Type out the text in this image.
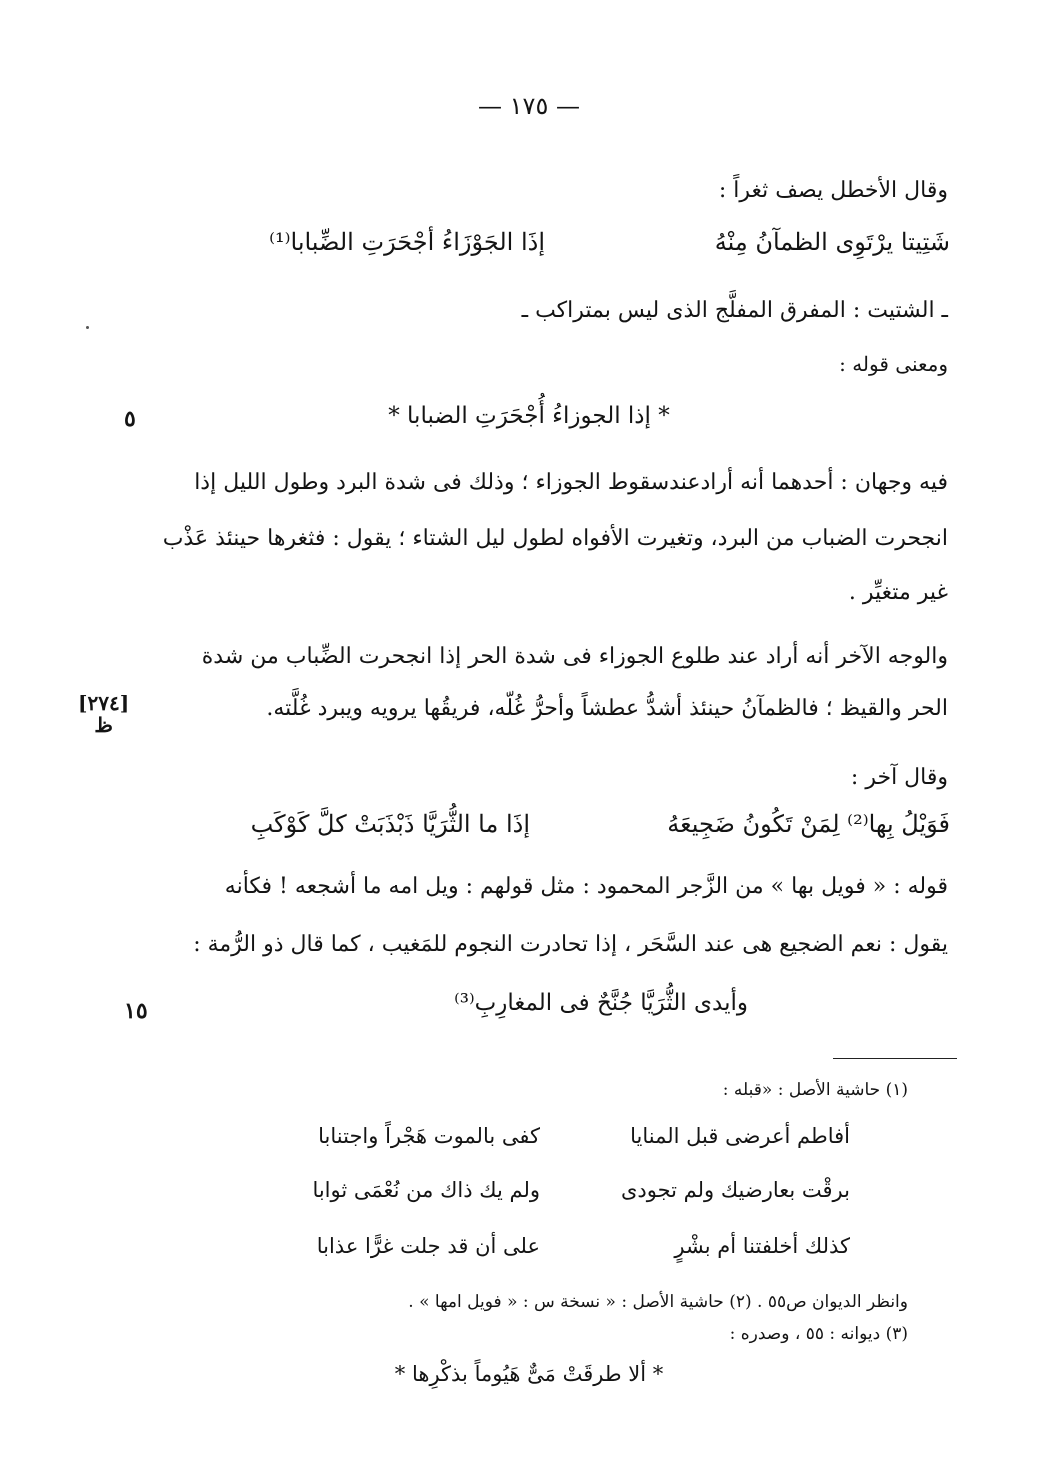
— ١٧٥ —
وقال الأخطل يصف ثغراً :
شَتِيتا يرْتَوِى الظمآنُ مِنْهُ
إذَا الجَوْزَاءُ أجْحَرَتِ الضِّبابا⁽¹⁾
ـ الشتيت : المفرق المفلَّج الذى ليس بمتراكب ـ
ومعنى قوله :
* إذا الجوزاءُ أُجْحَرَتِ الضبابا *
٥
فيه وجهان : أحدهما أنه أرادعندسقوط الجوزاء ؛ وذلك فى شدة البرد وطول الليل إذا
انجحرت الضباب من البرد، وتغيرت الأفواه لطول ليل الشتاء ؛ يقول : فثغرها حينئذ عَذْب
غير متغيِّر .
والوجه الآخر أنه أراد عند طلوع الجوزاء فى شدة الحر إذا انجحرت الضِّباب من شدة
الحر والقيظ ؛ فالظمآنُ حينئذ أشدُّ عطشاً وأحرُّ غُلّه، فريقُها يرويه ويبرد غُلَّته.
[٢٧٤]
ظ
وقال آخر :
فَوَيْلُ بِها⁽²⁾ لِمَنْ تَكُونُ ضَجِيعَهُ
إذَا ما الثُّرَيَّا ذَبْذَبَتْ كلَّ كَوْكَبِ
قوله : « فويل بها » من الزَّجر المحمود : مثل قولهم : ويل امه ما أشجعه ! فكأنه
يقول : نعم الضجيع هى عند السَّحَر ، إذا تحادرت النجوم للمَغيب ، كما قال ذو الرُّمة :
وأيدى الثُّرَيَّا جُنَّحٌ فى المغارِبِ⁽³⁾
١٥
(١) حاشية الأصل : «قبله :
أفاطم أعرضى قبل المنايا
كفى بالموت هَجْراً واجتنابا
برقْت بعارضيك ولم تجودى
ولم يك ذاك من نُعْمَى ثوابا
كذلك أخلفتنا أم بشْرٍ
على أن قد جلت غرًّا عذابا
وانظر الديوان ص٥٥ . (٢) حاشية الأصل : « نسخة س : « فويل امها » .
(٣) ديوانه : ٥٥ ، وصدره :
* ألا طرقَتْ مَىٌّ هَيُوماً بذكْرِها *
